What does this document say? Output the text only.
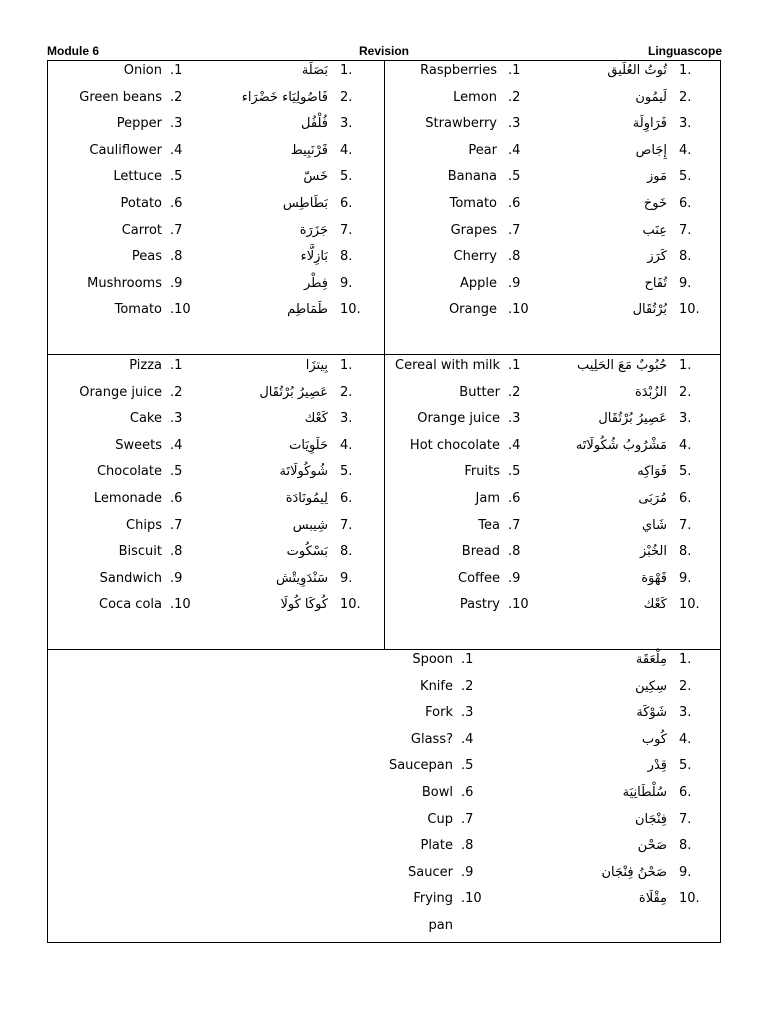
Module 6	Revision	Linguascope
Onion .1	بَصَلَة 1.
Green beans .2	فَاصُولِيَاء خَضْرَاء 2.
Pepper .3	فُلْفُل 3.
Cauliflower .4	قَرْنَبِيط 4.
Lettuce .5	خَسّ 5.
Potato .6	بَطَاطِس 6.
Carrot .7	جَزَرَة 7.
Peas .8	بَازِلَّاء 8.
Mushrooms .9	فِطْر 9.
Tomato .10	طَمَاطِم 10.
Raspberries .1	تُوتُ العُلَيق 1.
Lemon .2	لَيمُون 2.
Strawberry .3	فَرَاوِلَة 3.
Pear .4	إِجَاص 4.
Banana .5	مَوز 5.
Tomato .6	خَوخ 6.
Grapes .7	عِنَب 7.
Cherry .8	كَرَز 8.
Apple .9	تُفَاح 9.
Orange .10	بُرْتُقَال 10.
Pizza .1	بِيتزَا 1.
Orange juice .2	عَصِيرُ بُرْتُقَال 2.
Cake .3	كَعْك 3.
Sweets .4	حَلَوِيَات 4.
Chocolate .5	شُوكُولَاتَة 5.
Lemonade .6	لِيمُونَادَة 6.
Chips .7	شِيبس 7.
Biscuit .8	بَسْكُوت 8.
Sandwich .9	سَنْدَوِيتْش 9.
Coca cola .10	كُوكَا كُولَا 10.
Cereal with milk .1	حُبُوبٌ مَعَ الحَلِيب 1.
Butter .2	الزُبْدَة 2.
Orange juice .3	عَصِيرُ بُرْتُقَال 3.
Hot chocolate .4	مَشْرُوبُ شُكُولَاتَه 4.
Fruits .5	فَوَاكِه 5.
Jam .6	مُرَبَى 6.
Tea .7	شَاي 7.
Bread .8	الخُبْز 8.
Coffee .9	قَهْوَة 9.
Pastry .10	كَعْك 10.
Spoon .1	مِلْعَقَة 1.
Knife .2	سِكِين 2.
Fork .3	شَوْكَة 3.
Glass? .4	كُوب 4.
Saucepan .5	قِدْر 5.
Bowl .6	سُلْطَانِيَة 6.
Cup .7	فِنْجَان 7.
Plate .8	صَحْن 8.
Saucer .9	صَحْنُ فِنْجَان 9.
Frying .10	مِقْلَاة 10.
pan
